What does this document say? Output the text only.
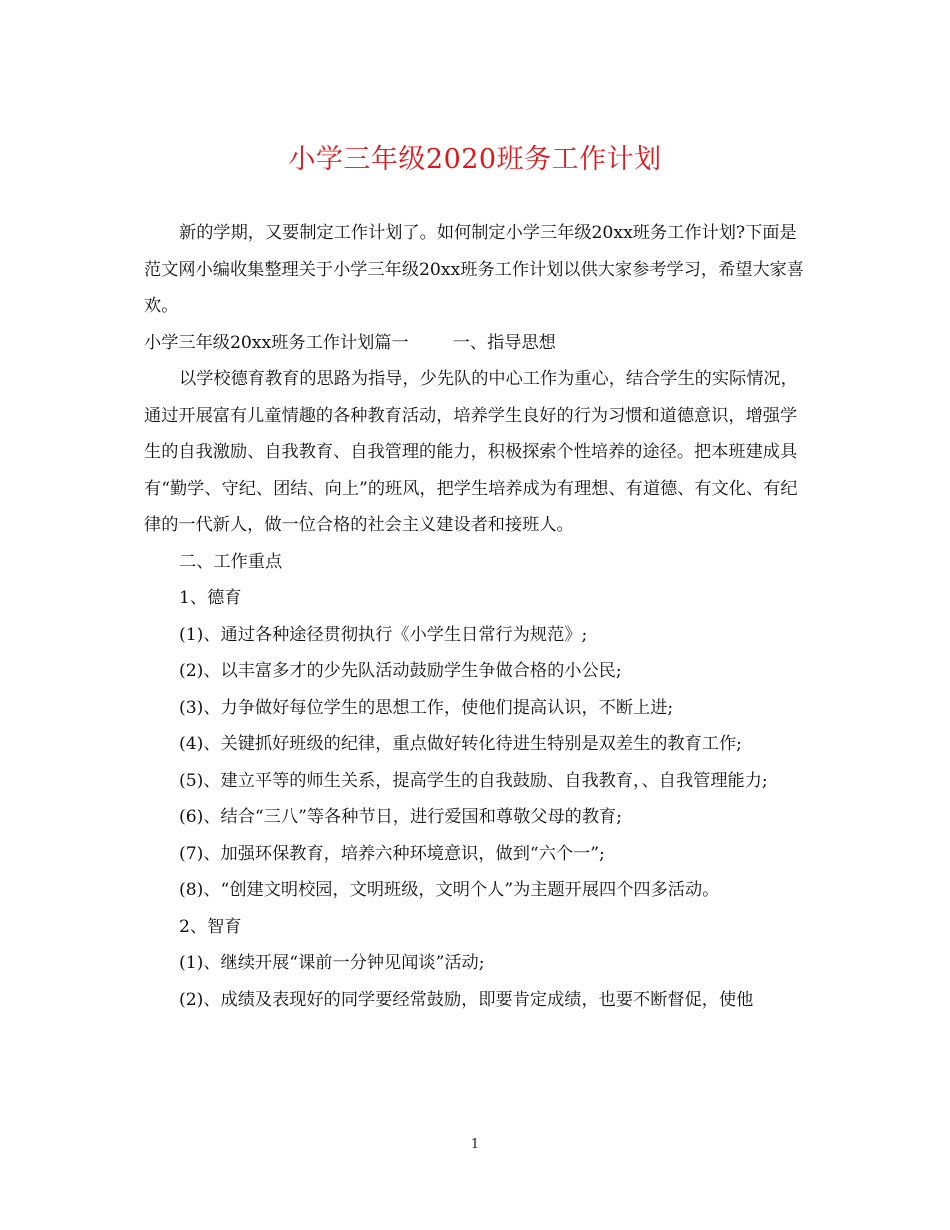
小学三年级2020班务工作计划

新的学期，又要制定工作计划了。如何制定小学三年级20xx班务工作计划?下面是范文网小编收集整理关于小学三年级20xx班务工作计划以供大家参考学习，希望大家喜欢。

小学三年级20xx班务工作计划篇一	一、指导思想

以学校德育教育的思路为指导，少先队的中心工作为重心，结合学生的实际情况，通过开展富有儿童情趣的各种教育活动，培养学生良好的行为习惯和道德意识，增强学生的自我激励、自我教育、自我管理的能力，积极探索个性培养的途径。把本班建成具有“勤学、守纪、团结、向上”的班风，把学生培养成为有理想、有道德、有文化、有纪律的一代新人，做一位合格的社会主义建设者和接班人。

二、工作重点

1、德育

(1)、通过各种途径贯彻执行《小学生日常行为规范》;

(2)、以丰富多才的少先队活动鼓励学生争做合格的小公民;

(3)、力争做好每位学生的思想工作，使他们提高认识，不断上进;

(4)、关键抓好班级的纪律，重点做好转化待进生特别是双差生的教育工作;

(5)、建立平等的师生关系，提高学生的自我鼓励、自我教育，、自我管理能力;

(6)、结合“三八”等各种节日，进行爱国和尊敬父母的教育;

(7)、加强环保教育，培养六种环境意识，做到“六个一”;

(8)、“创建文明校园，文明班级，文明个人”为主题开展四个四多活动。

2、智育

(1)、继续开展“课前一分钟见闻谈”活动;

(2)、成绩及表现好的同学要经常鼓励，即要肯定成绩，也要不断督促，使他

1
